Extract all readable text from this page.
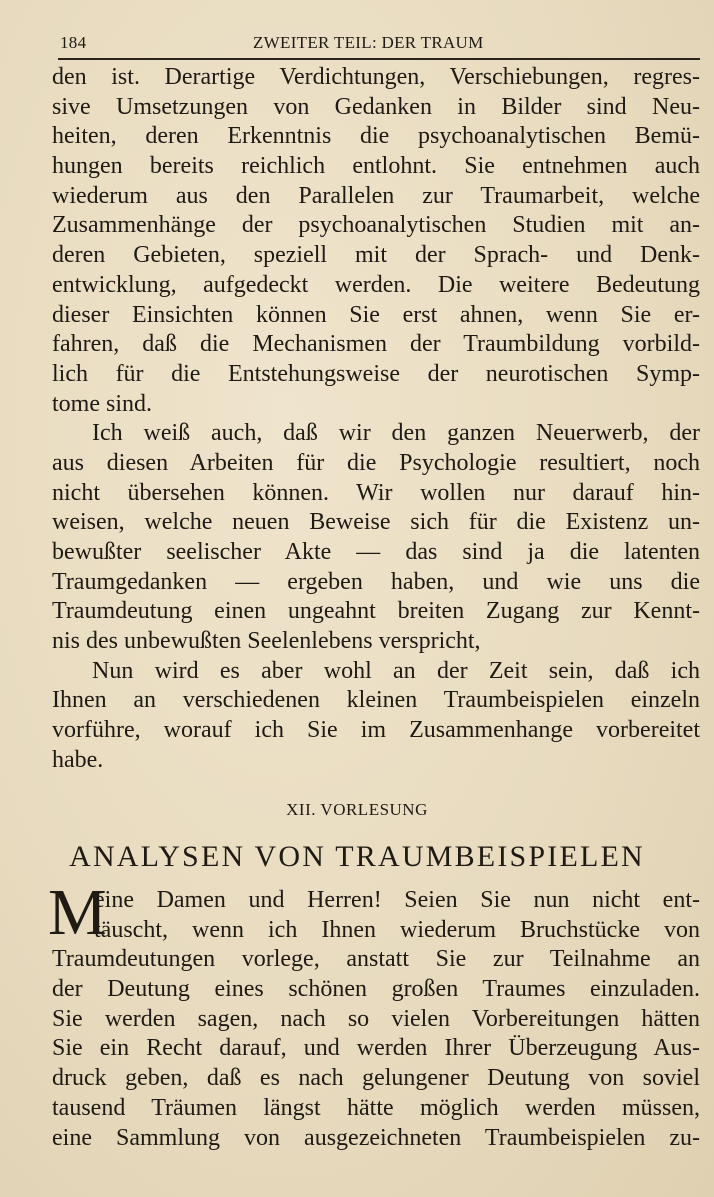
184	ZWEITER TEIL: DER TRAUM
den ist. Derartige Verdichtungen, Verschiebungen, regres-
sive Umsetzungen von Gedanken in Bilder sind Neu-
heiten, deren Erkenntnis die psychoanalytischen Bemü-
hungen bereits reichlich entlohnt. Sie entnehmen auch
wiederum aus den Parallelen zur Traumarbeit, welche
Zusammenhänge der psychoanalytischen Studien mit an-
deren Gebieten, speziell mit der Sprach- und Denk-
entwicklung, aufgedeckt werden. Die weitere Bedeutung
dieser Einsichten können Sie erst ahnen, wenn Sie er-
fahren, daß die Mechanismen der Traumbildung vorbild-
lich für die Entstehungsweise der neurotischen Symp-
tome sind.
Ich weiß auch, daß wir den ganzen Neuerwerb, der
aus diesen Arbeiten für die Psychologie resultiert, noch
nicht übersehen können. Wir wollen nur darauf hin-
weisen, welche neuen Beweise sich für die Existenz un-
bewußter seelischer Akte — das sind ja die latenten
Traumgedanken — ergeben haben, und wie uns die
Traumdeutung einen ungeahnt breiten Zugang zur Kennt-
nis des unbewußten Seelenlebens verspricht,
Nun wird es aber wohl an der Zeit sein, daß ich
Ihnen an verschiedenen kleinen Traumbeispielen einzeln
vorführe, worauf ich Sie im Zusammenhange vorbereitet
habe.
XII. VORLESUNG
ANALYSEN VON TRAUMBEISPIELEN
M
eine Damen und Herren! Seien Sie nun nicht ent-
täuscht, wenn ich Ihnen wiederum Bruchstücke von
Traumdeutungen vorlege, anstatt Sie zur Teilnahme an
der Deutung eines schönen großen Traumes einzuladen.
Sie werden sagen, nach so vielen Vorbereitungen hätten
Sie ein Recht darauf, und werden Ihrer Überzeugung Aus-
druck geben, daß es nach gelungener Deutung von soviel
tausend Träumen längst hätte möglich werden müssen,
eine Sammlung von ausgezeichneten Traumbeispielen zu-
